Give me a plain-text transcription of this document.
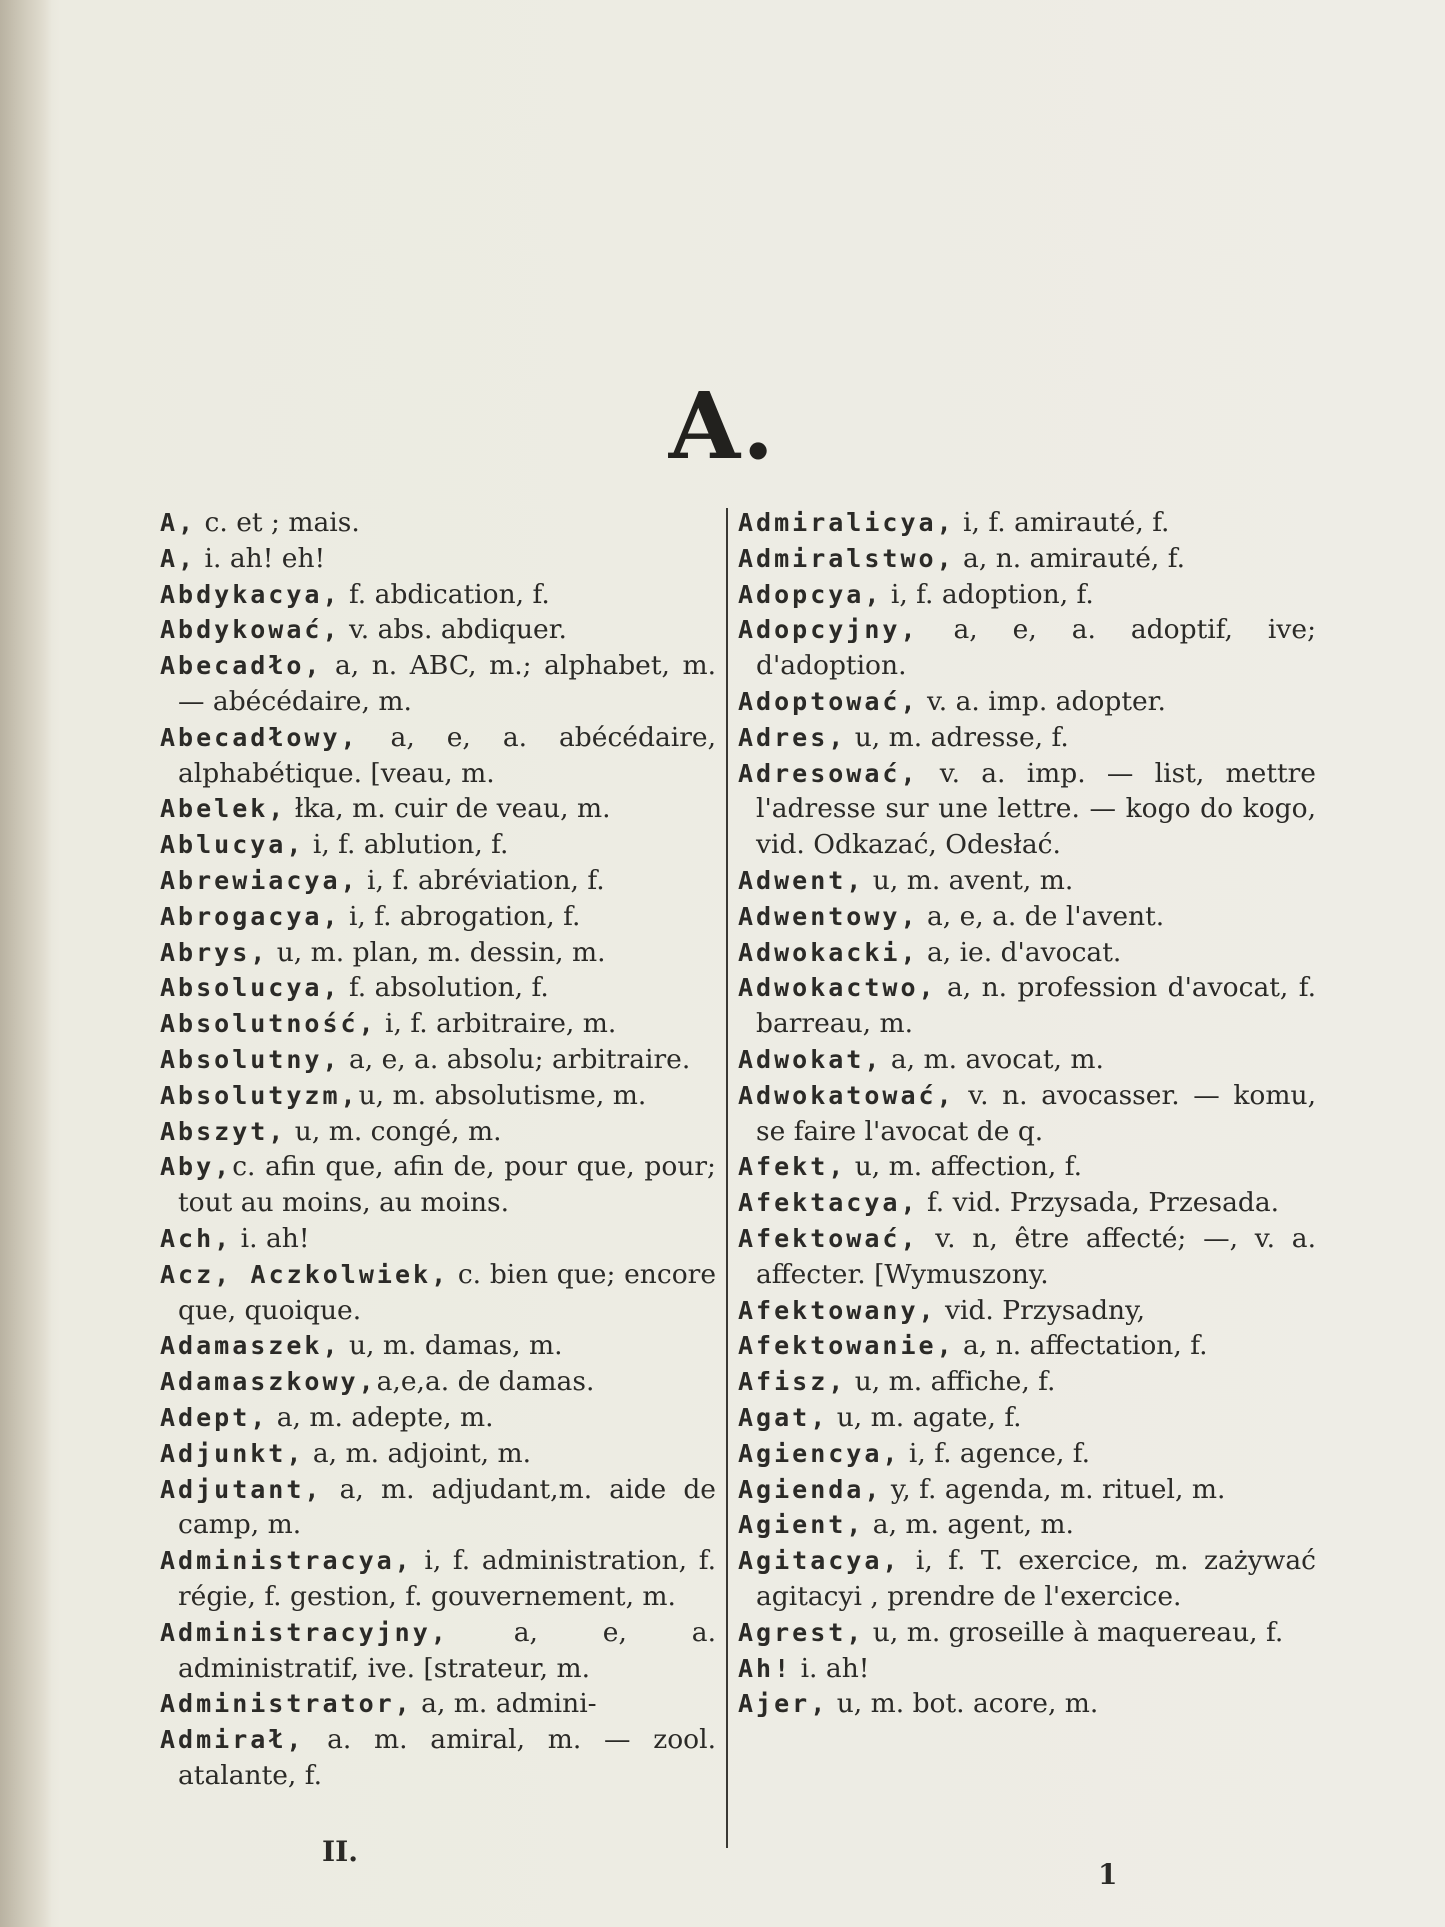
A.

A, c. et ; mais.

A, i. ah! eh!

Abdykacya, f. abdication, f.

Abdykować, v. abs. abdiquer.

Abecadło, a, n. ABC, m.; alphabet, m. — abécédaire, m.

Abecadłowy, a, e, a. abécédaire, alphabétique. [veau, m.

Abelek, łka, m. cuir de veau, m.

Ablucya, i, f. ablution, f.

Abrewiacya, i, f. abréviation, f.

Abrogacya, i, f. abrogation, f.

Abrys, u, m. plan, m. dessin, m.

Absolucya, f. absolution, f.

Absolutność, i, f. arbitraire, m.

Absolutny, a, e, a. absolu; arbitraire.

Absolutyzm,u, m. absolutisme, m.

Abszyt, u, m. congé, m.

Aby,c. afin que, afin de, pour que, pour; tout au moins, au moins.

Ach, i. ah!

Acz, Aczkolwiek, c. bien que; encore que, quoique.

Adamaszek, u, m. damas, m.

Adamaszkowy,a,e,a. de damas.

Adept, a, m. adepte, m.

Adjunkt, a, m. adjoint, m.

Adjutant, a, m. adjudant,m. aide de camp, m.

Administracya, i, f. administration, f. régie, f. gestion, f. gouvernement, m.

Administracyjny, a, e, a. administratif, ive. [strateur, m.

Administrator, a, m. admini-

Admirał, a. m. amiral, m. — zool. atalante, f.

Admiralicya, i, f. amirauté, f.

Admiralstwo, a, n. amirauté, f.

Adopcya, i, f. adoption, f.

Adopcyjny, a, e, a. adoptif, ive; d'adoption.

Adoptować, v. a. imp. adopter.

Adres, u, m. adresse, f.

Adresować, v. a. imp. — list, mettre l'adresse sur une lettre. — kogo do kogo, vid. Odkazać, Odesłać.

Adwent, u, m. avent, m.

Adwentowy, a, e, a. de l'avent.

Adwokacki, a, ie. d'avocat.

Adwokactwo, a, n. profession d'avocat, f. barreau, m.

Adwokat, a, m. avocat, m.

Adwokatować, v. n. avocasser. — komu, se faire l'avocat de q.

Afekt, u, m. affection, f.

Afektacya, f. vid. Przysada, Przesada.

Afektować, v. n, être affecté; —, v. a. affecter. [Wymuszony.

Afektowany, vid. Przysadny,

Afektowanie, a, n. affectation, f.

Afisz, u, m. affiche, f.

Agat, u, m. agate, f.

Agiencya, i, f. agence, f.

Agienda, y, f. agenda, m. rituel, m.

Agient, a, m. agent, m.

Agitacya, i, f. T. exercice, m. zażywać agitacyi , prendre de l'exercice.

Agrest, u, m. groseille à maquereau, f.

Ah! i. ah!

Ajer, u, m. bot. acore, m.

II.
1
